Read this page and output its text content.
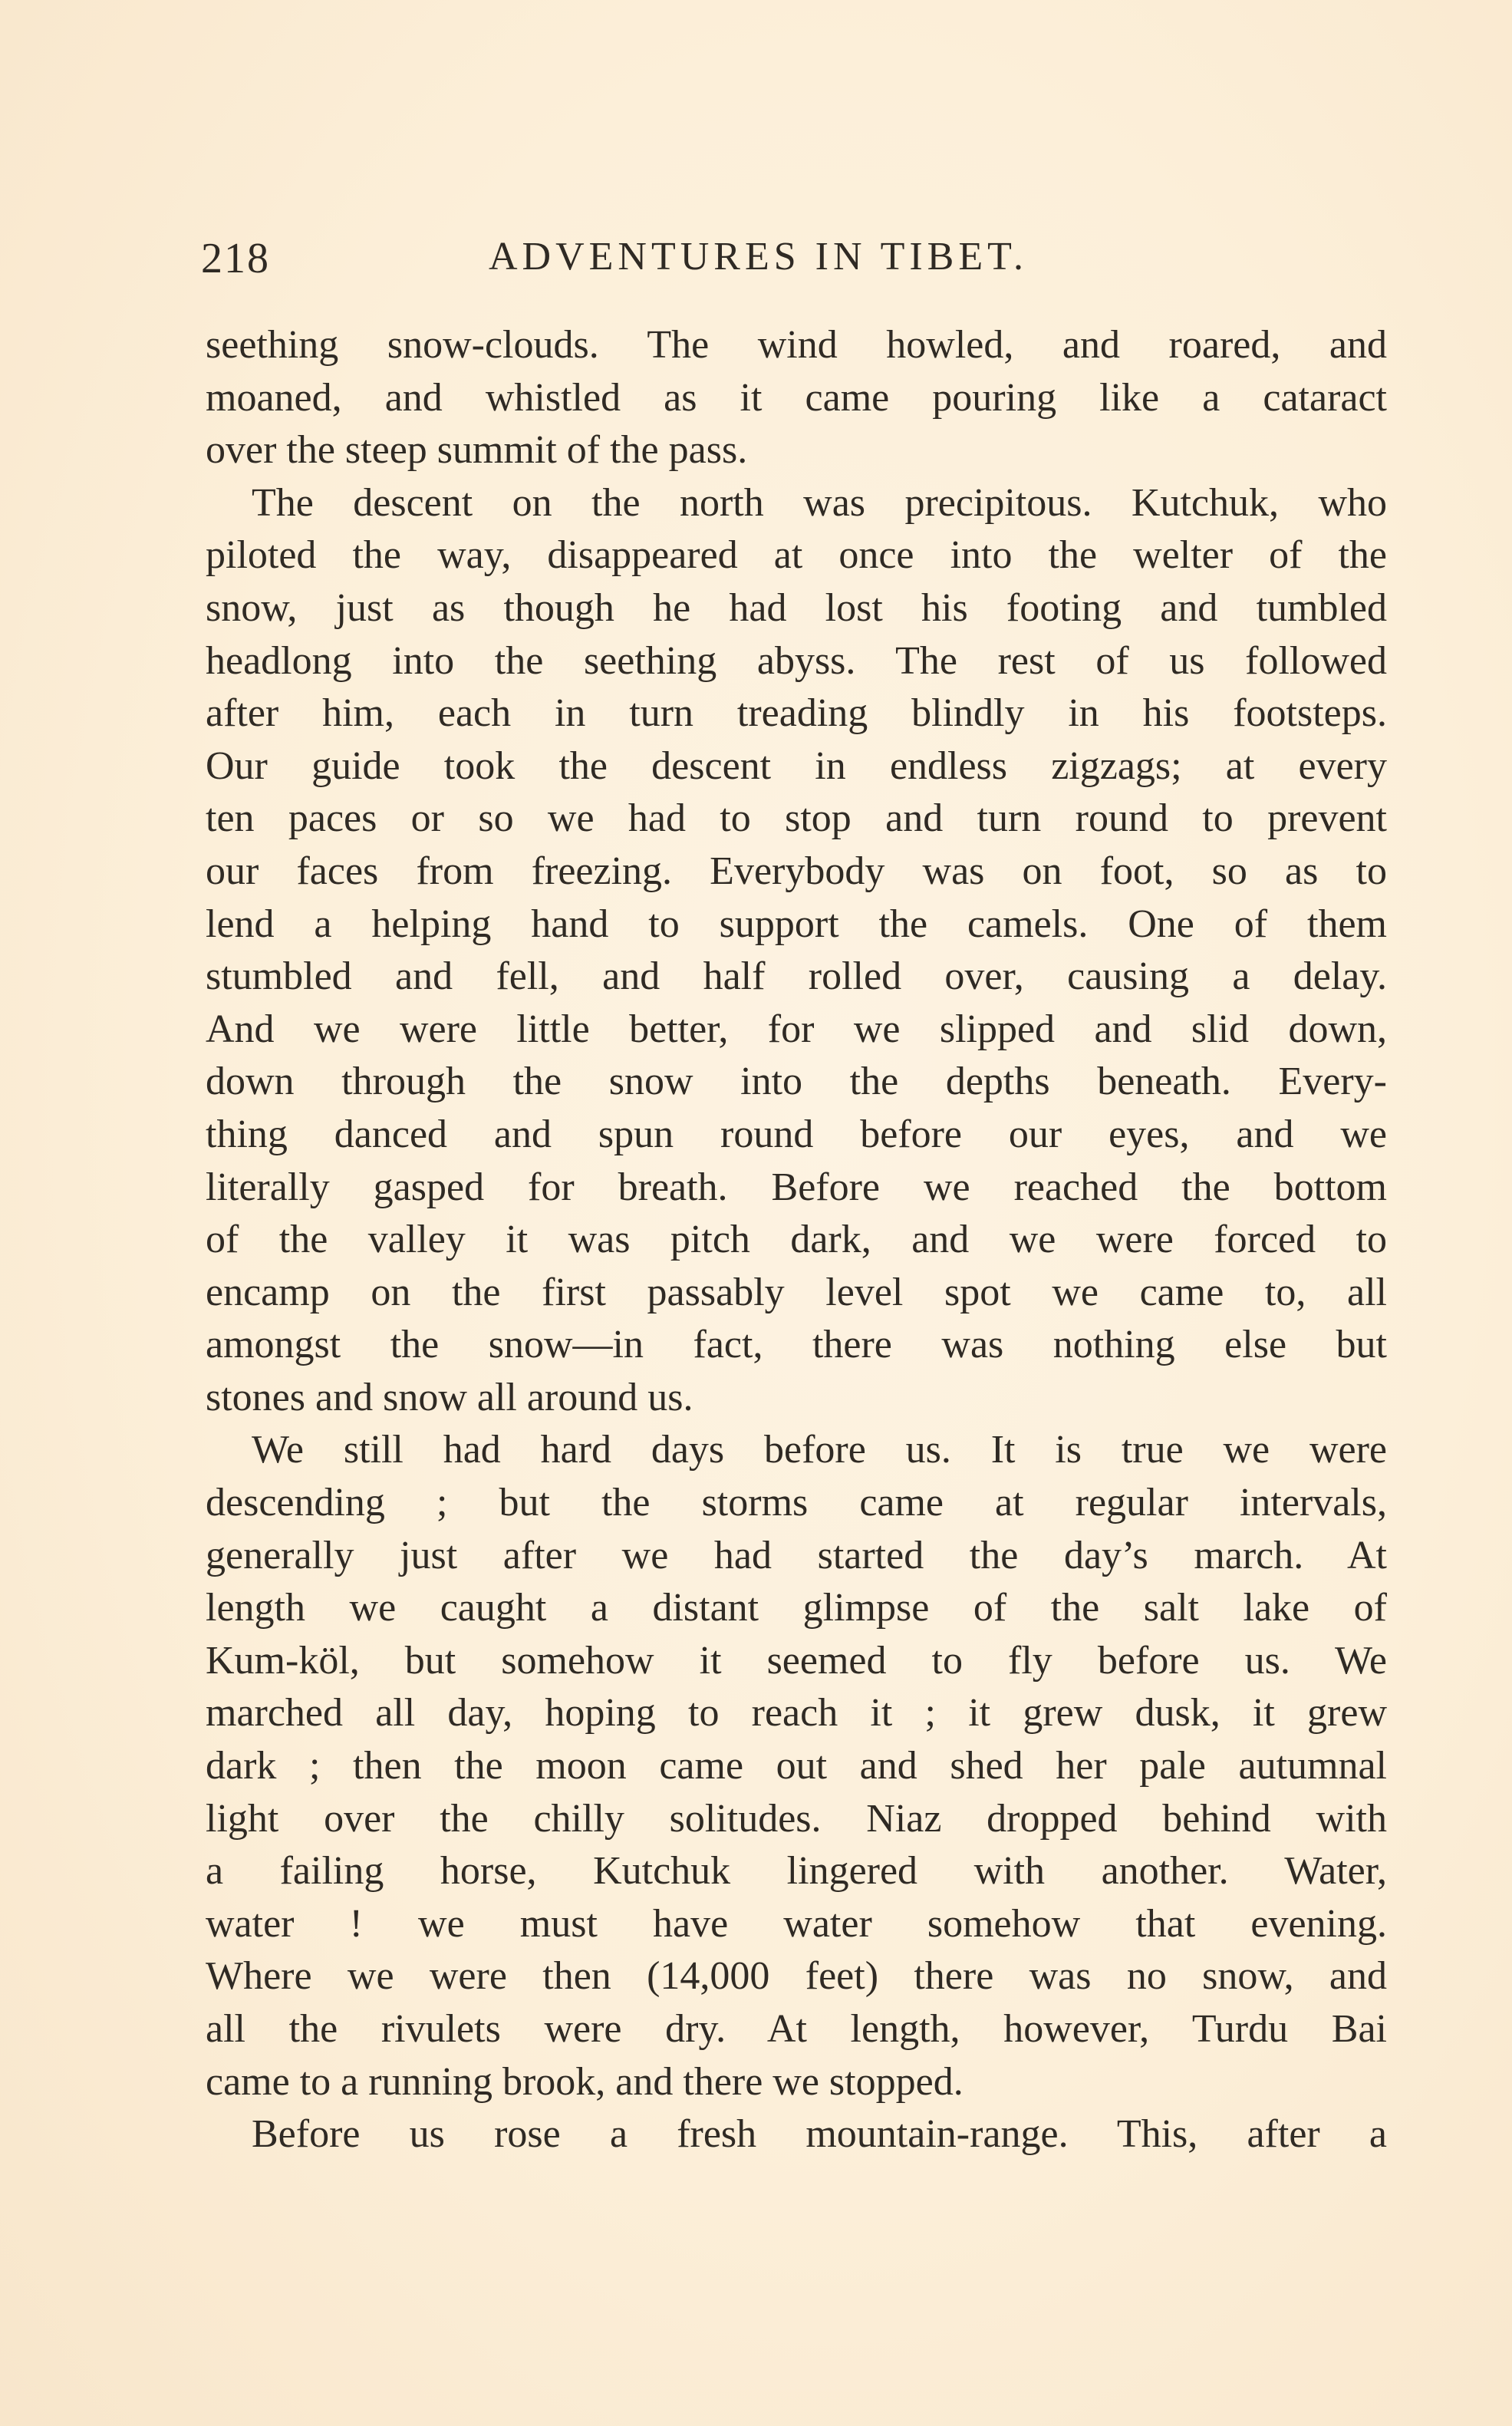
218	ADVENTURES IN TIBET.
seething snow-clouds. The wind howled, and roared, and
moaned, and whistled as it came pouring like a cataract
over the steep summit of the pass.
The descent on the north was precipitous. Kutchuk, who
piloted the way, disappeared at once into the welter of the
snow, just as though he had lost his footing and tumbled
headlong into the seething abyss. The rest of us followed
after him, each in turn treading blindly in his footsteps.
Our guide took the descent in endless zigzags; at every
ten paces or so we had to stop and turn round to prevent
our faces from freezing. Everybody was on foot, so as to
lend a helping hand to support the camels. One of them
stumbled and fell, and half rolled over, causing a delay.
And we were little better, for we slipped and slid down,
down through the snow into the depths beneath. Every-
thing danced and spun round before our eyes, and we
literally gasped for breath. Before we reached the bottom
of the valley it was pitch dark, and we were forced to
encamp on the first passably level spot we came to, all
amongst the snow—in fact, there was nothing else but
stones and snow all around us.
We still had hard days before us. It is true we were
descending ; but the storms came at regular intervals,
generally just after we had started the day’s march. At
length we caught a distant glimpse of the salt lake of
Kum-köl, but somehow it seemed to fly before us. We
marched all day, hoping to reach it ; it grew dusk, it grew
dark ; then the moon came out and shed her pale autumnal
light over the chilly solitudes. Niaz dropped behind with
a failing horse, Kutchuk lingered with another. Water,
water ! we must have water somehow that evening.
Where we were then (14,000 feet) there was no snow, and
all the rivulets were dry. At length, however, Turdu Bai
came to a running brook, and there we stopped.
Before us rose a fresh mountain-range. This, after a
